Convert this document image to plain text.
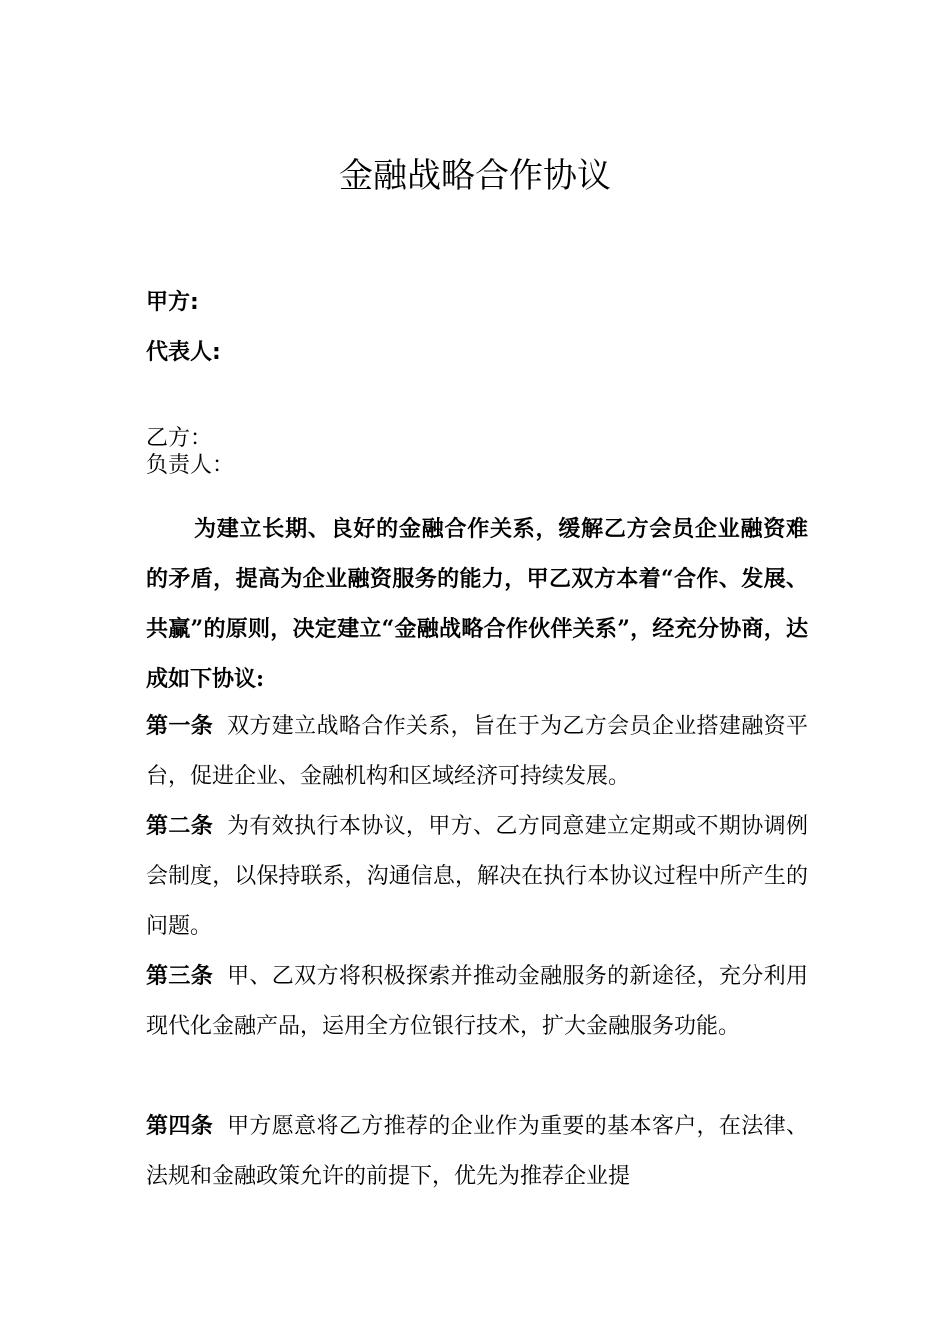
金融战略合作协议
甲方:
代表人:
乙方：
负责人：

为建立长期、良好的金融合作关系，缓解乙方会员企业融资难的矛盾，提高为企业融资服务的能力，甲乙双方本着“合作、发展、共赢”的原则，决定建立“金融战略合作伙伴关系”，经充分协商，达成如下协议:

第一条 双方建立战略合作关系，旨在于为乙方会员企业搭建融资平台，促进企业、金融机构和区域经济可持续发展。

第二条 为有效执行本协议，甲方、乙方同意建立定期或不期协调例会制度，以保持联系，沟通信息，解决在执行本协议过程中所产生的问题。

第三条 甲、乙双方将积极探索并推动金融服务的新途径，充分利用现代化金融产品，运用全方位银行技术，扩大金融服务功能。

第四条 甲方愿意将乙方推荐的企业作为重要的基本客户，在法律、法规和金融政策允许的前提下，优先为推荐企业提
